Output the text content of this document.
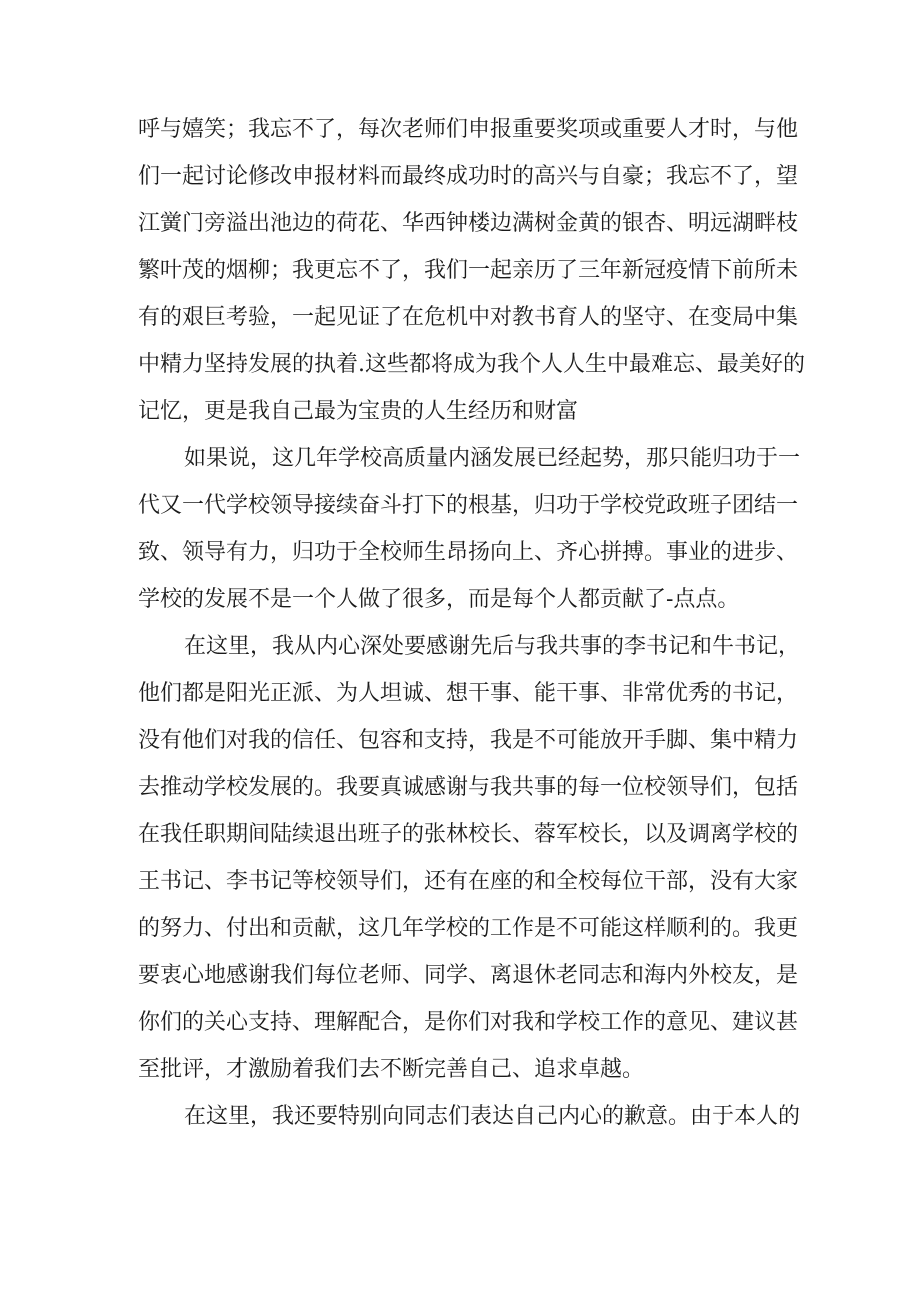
呼与嬉笑；我忘不了，每次老师们申报重要奖项或重要人才时，与他
们一起讨论修改申报材料而最终成功时的高兴与自豪；我忘不了，望
江黉门旁溢出池边的荷花、华西钟楼边满树金黄的银杏、明远湖畔枝
繁叶茂的烟柳；我更忘不了，我们一起亲历了三年新冠疫情下前所未
有的艰巨考验，一起见证了在危机中对教书育人的坚守、在变局中集
中精力坚持发展的执着.这些都将成为我个人人生中最难忘、最美好的
记忆，更是我自己最为宝贵的人生经历和财富
如果说，这几年学校高质量内涵发展已经起势，那只能归功于一
代又一代学校领导接续奋斗打下的根基，归功于学校党政班子团结一
致、领导有力，归功于全校师生昂扬向上、齐心拼搏。事业的进步、
学校的发展不是一个人做了很多，而是每个人都贡献了-点点。
在这里，我从内心深处要感谢先后与我共事的李书记和牛书记，
他们都是阳光正派、为人坦诚、想干事、能干事、非常优秀的书记，
没有他们对我的信任、包容和支持，我是不可能放开手脚、集中精力
去推动学校发展的。我要真诚感谢与我共事的每一位校领导们，包括
在我任职期间陆续退出班子的张林校长、蓉军校长，以及调离学校的
王书记、李书记等校领导们，还有在座的和全校每位干部，没有大家
的努力、付出和贡献，这几年学校的工作是不可能这样顺利的。我更
要衷心地感谢我们每位老师、同学、离退休老同志和海内外校友，是
你们的关心支持、理解配合，是你们对我和学校工作的意见、建议甚
至批评，才激励着我们去不断完善自己、追求卓越。
在这里，我还要特别向同志们表达自己内心的歉意。由于本人的
